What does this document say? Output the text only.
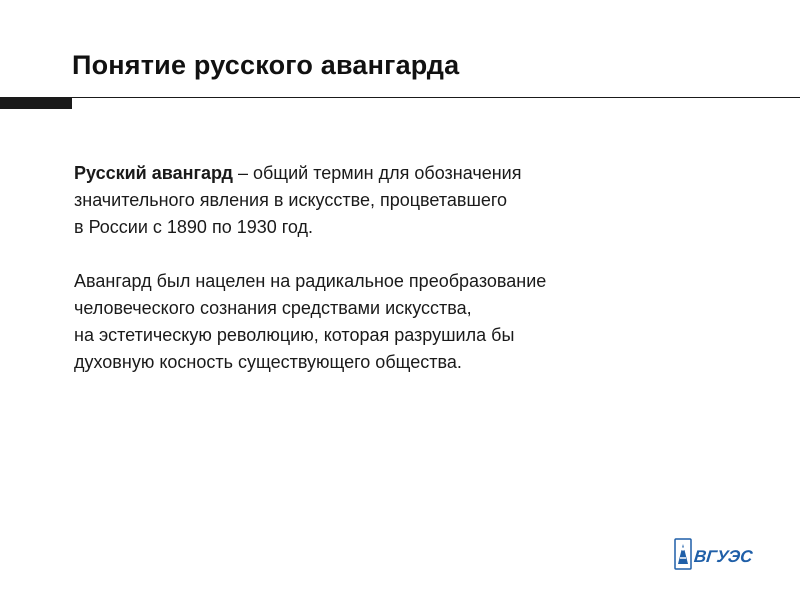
Понятие русского авангарда

Русский авангард – общий термин для обозначения

значительного явления в искусстве, процветавшего

в России с 1890 по 1930 год.

Авангард был нацелен на радикальное преобразование

человеческого сознания средствами искусства,

на эстетическую революцию, которая разрушила бы

духовную косность существующего общества.

ВГУЭС
